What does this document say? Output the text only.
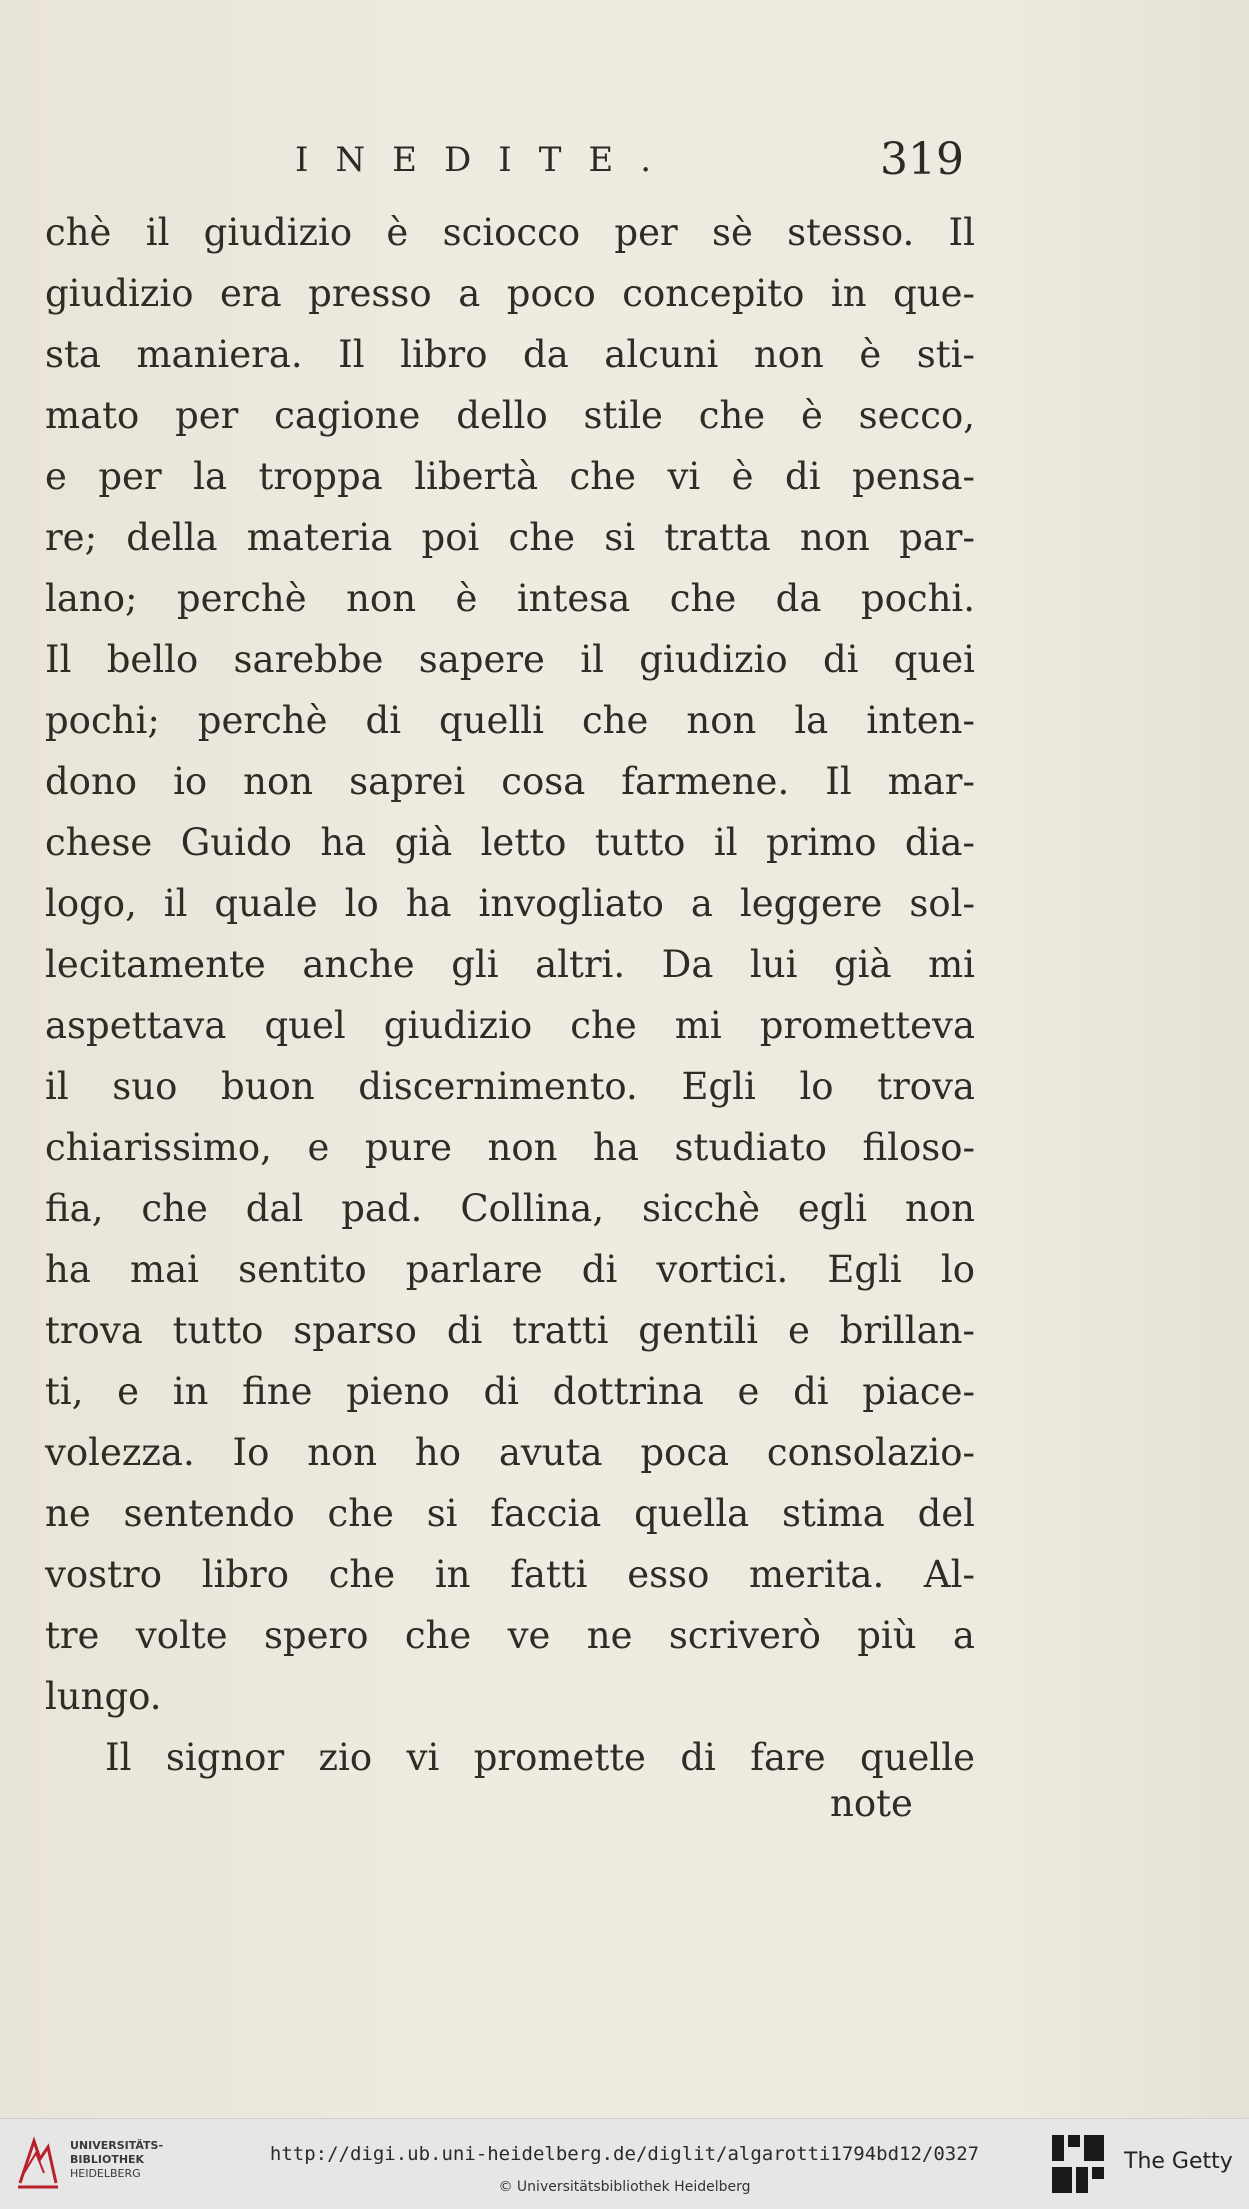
INEDITE.	319
chè il giudizio è sciocco per sè stesso. Il
giudizio era presso a poco concepito in que-
sta maniera. Il libro da alcuni non è sti-
mato per cagione dello stile che è secco,
e per la troppa libertà che vi è di pensa-
re; della materia poi che si tratta non par-
lano; perchè non è intesa che da pochi.
Il bello sarebbe sapere il giudizio di quei
pochi; perchè di quelli che non la inten-
dono io non saprei cosa farmene. Il mar-
chese Guido ha già letto tutto il primo dia-
logo, il quale lo ha invogliato a leggere sol-
lecitamente anche gli altri. Da lui già mi
aspettava quel giudizio che mi prometteva
il suo buon discernimento. Egli lo trova
chiarissimo, e pure non ha studiato filoso-
fia, che dal pad. Collina, sicchè egli non
ha mai sentito parlare di vortici. Egli lo
trova tutto sparso di tratti gentili e brillan-
ti, e in fine pieno di dottrina e di piace-
volezza. Io non ho avuta poca consolazio-
ne sentendo che si faccia quella stima del
vostro libro che in fatti esso merita. Al-
tre volte spero che ve ne scriverò più a
lungo.
Il signor zio vi promette di fare quelle
note
UNIVERSITÄTS-
BIBLIOTHEK
HEIDELBERG
http://digi.ub.uni-heidelberg.de/diglit/algarotti1794bd12/0327
© Universitätsbibliothek Heidelberg
The Getty
